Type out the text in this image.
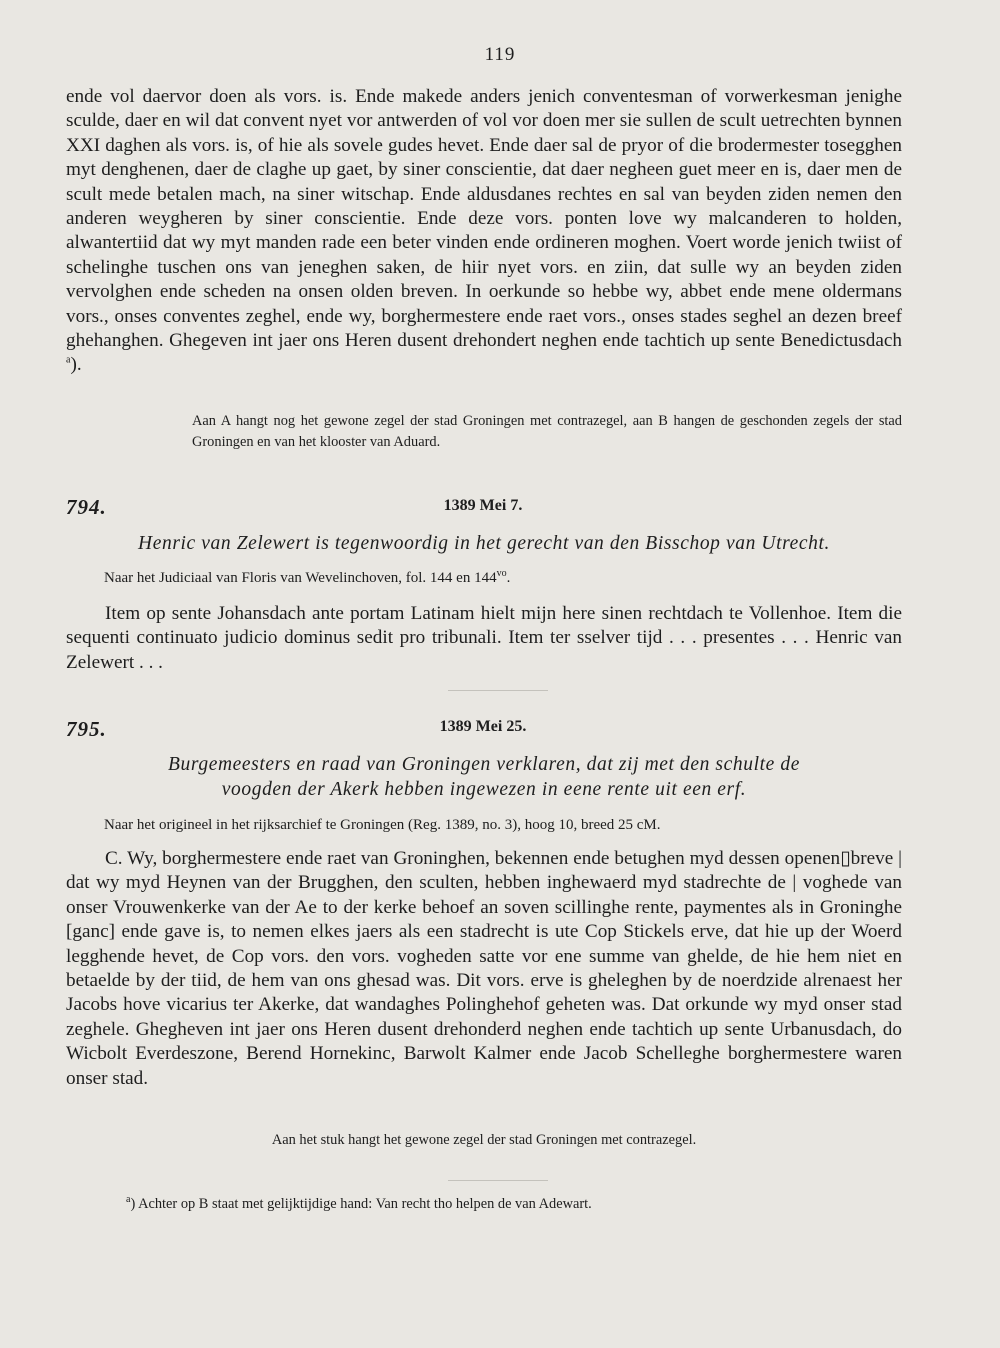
119

ende vol daervor doen als vors. is. Ende makede anders jenich conventesman of vorwerkesman jenighe sculde, daer en wil dat convent nyet vor antwerden of vol vor doen mer sie sullen de scult uetrechten bynnen XXI daghen als vors. is, of hie als sovele gudes hevet. Ende daer sal de pryor of die brodermester tosegghen myt denghenen, daer de claghe up gaet, by siner conscientie, dat daer negheen guet meer en is, daer men de scult mede betalen mach, na siner witschap. Ende aldusdanes rechtes en sal van beyden ziden nemen den anderen weygheren by siner conscientie. Ende deze vors. ponten love wy malcanderen to holden, alwantertiid dat wy myt manden rade een beter vinden ende ordineren moghen. Voert worde jenich twiist of schelinghe tuschen ons van jeneghen saken, de hiir nyet vors. en ziin, dat sulle wy an beyden ziden vervolghen ende scheden na onsen olden breven. In oerkunde so hebbe wy, abbet ende mene oldermans vors., onses conventes zeghel, ende wy, borghermestere ende raet vors., onses stades seghel an dezen breef ghehanghen. Ghegeven int jaer ons Heren dusent drehondert neghen ende tachtich up sente Benedictusdach $^a$).

Aan A hangt nog het gewone zegel der stad Groningen met contrazegel, aan B hangen de geschonden zegels der stad Groningen en van het klooster van Aduard.

794.	1389 Mei 7.

Henric van Zelewert is tegenwoordig in het gerecht van den Bisschop van Utrecht.

Naar het Judiciaal van Floris van Wevelinchoven, fol. 144 en $144^{vo}$.

Item op sente Johansdach ante portam Latinam hielt mijn here sinen rechtdach te Vollenhoe. Item die sequenti continuato judicio dominus sedit pro tribunali. Item ter sselver tijd . . . presentes . . . Henric van Zelewert . . .

795.	1389 Mei 25.

Burgemeesters en raad van Groningen verklaren, dat zij met den schulte de

voogden der Akerk hebben ingewezen in eene rente uit een erf.

Naar het origineel in het rijksarchief te Groningen (Reg. 1389, no. 3), hoog 10, breed 25 cM.

C. Wy, borghermestere ende raet van Groninghen, bekennen ende betughen myd dessen openen▯breve | dat wy myd Heynen van der Brugghen, den sculten, hebben inghewaerd myd stadrechte de | voghede van onser Vrouwenkerke van der Ae to der kerke behoef an soven scillinghe rente, paymentes als in Groninghe [ganc] ende gave is, to nemen elkes jaers als een stadrecht is ute Cop Stickels erve, dat hie up der Woerd legghende hevet, de Cop vors. den vors. vogheden satte vor ene summe van ghelde, de hie hem niet en betaelde by der tiid, de hem van ons ghesad was. Dit vors. erve is gheleghen by de noerdzide alrenaest her Jacobs hove vicarius ter Akerke, dat wandaghes Polinghehof geheten was. Dat orkunde wy myd onser stad zeghele. Ghegheven int jaer ons Heren dusent drehonderd neghen ende tachtich up sente Urbanusdach, do Wicbolt Everdeszone, Berend Hornekinc, Barwolt Kalmer ende Jacob Schelleghe borghermestere waren onser stad.

Aan het stuk hangt het gewone zegel der stad Groningen met contrazegel.

$^a$) Achter op B staat met gelijktijdige hand: Van recht tho helpen de van Adewart.
